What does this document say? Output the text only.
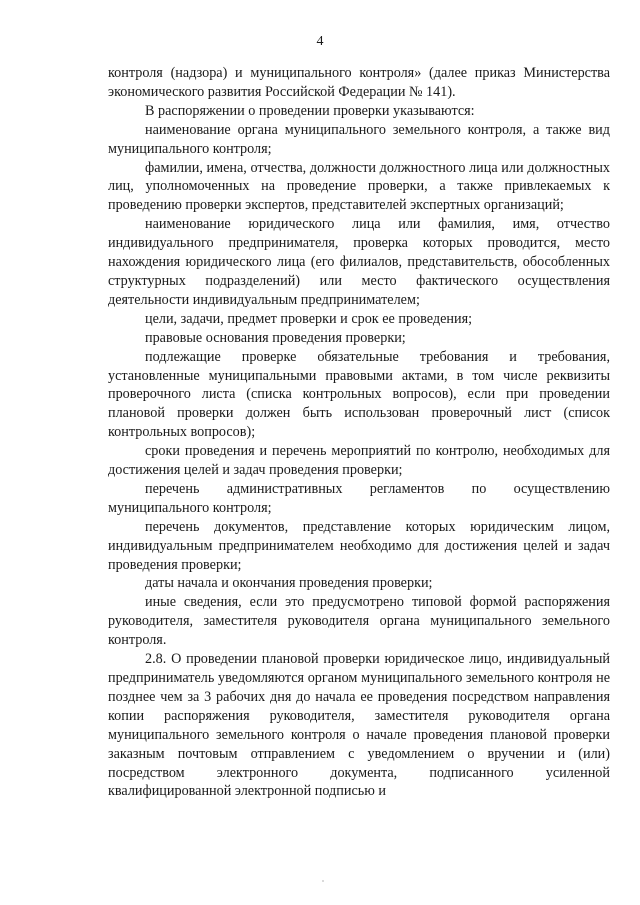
4

контроля (надзора) и муниципального контроля» (далее приказ Министерства экономического развития Российской Федерации № 141).

В распоряжении о проведении проверки указываются:

наименование органа муниципального земельного контроля, а также вид муниципального контроля;

фамилии, имена, отчества, должности должностного лица или должностных лиц, уполномоченных на проведение проверки, а также привлекаемых к проведению проверки экспертов, представителей экспертных организаций;

наименование юридического лица или фамилия, имя, отчество индивидуального предпринимателя, проверка которых проводится, место нахождения юридического лица (его филиалов, представительств, обособленных структурных подразделений) или место фактического осуществления деятельности индивидуальным предпринимателем;

цели, задачи, предмет проверки и срок ее проведения;

правовые основания проведения проверки;

подлежащие проверке обязательные требования и требования, установленные муниципальными правовыми актами, в том числе реквизиты проверочного листа (списка контрольных вопросов), если при проведении плановой проверки должен быть использован проверочный лист (список контрольных вопросов);

сроки проведения и перечень мероприятий по контролю, необходимых для достижения целей и задач проведения проверки;

перечень административных регламентов по осуществлению муниципального контроля;

перечень документов, представление которых юридическим лицом, индивидуальным предпринимателем необходимо для достижения целей и задач проведения проверки;

даты начала и окончания проведения проверки;

иные сведения, если это предусмотрено типовой формой распоряжения руководителя, заместителя руководителя органа муниципального земельного контроля.

2.8. О проведении плановой проверки юридическое лицо, индивидуальный предприниматель уведомляются органом муниципального земельного контроля не позднее чем за 3 рабочих дня до начала ее проведения посредством направления копии распоряжения руководителя, заместителя руководителя органа муниципального земельного контроля о начале проведения плановой проверки заказным почтовым отправлением с уведомлением о вручении и (или) посредством электронного документа, подписанного усиленной квалифицированной электронной подписью и
